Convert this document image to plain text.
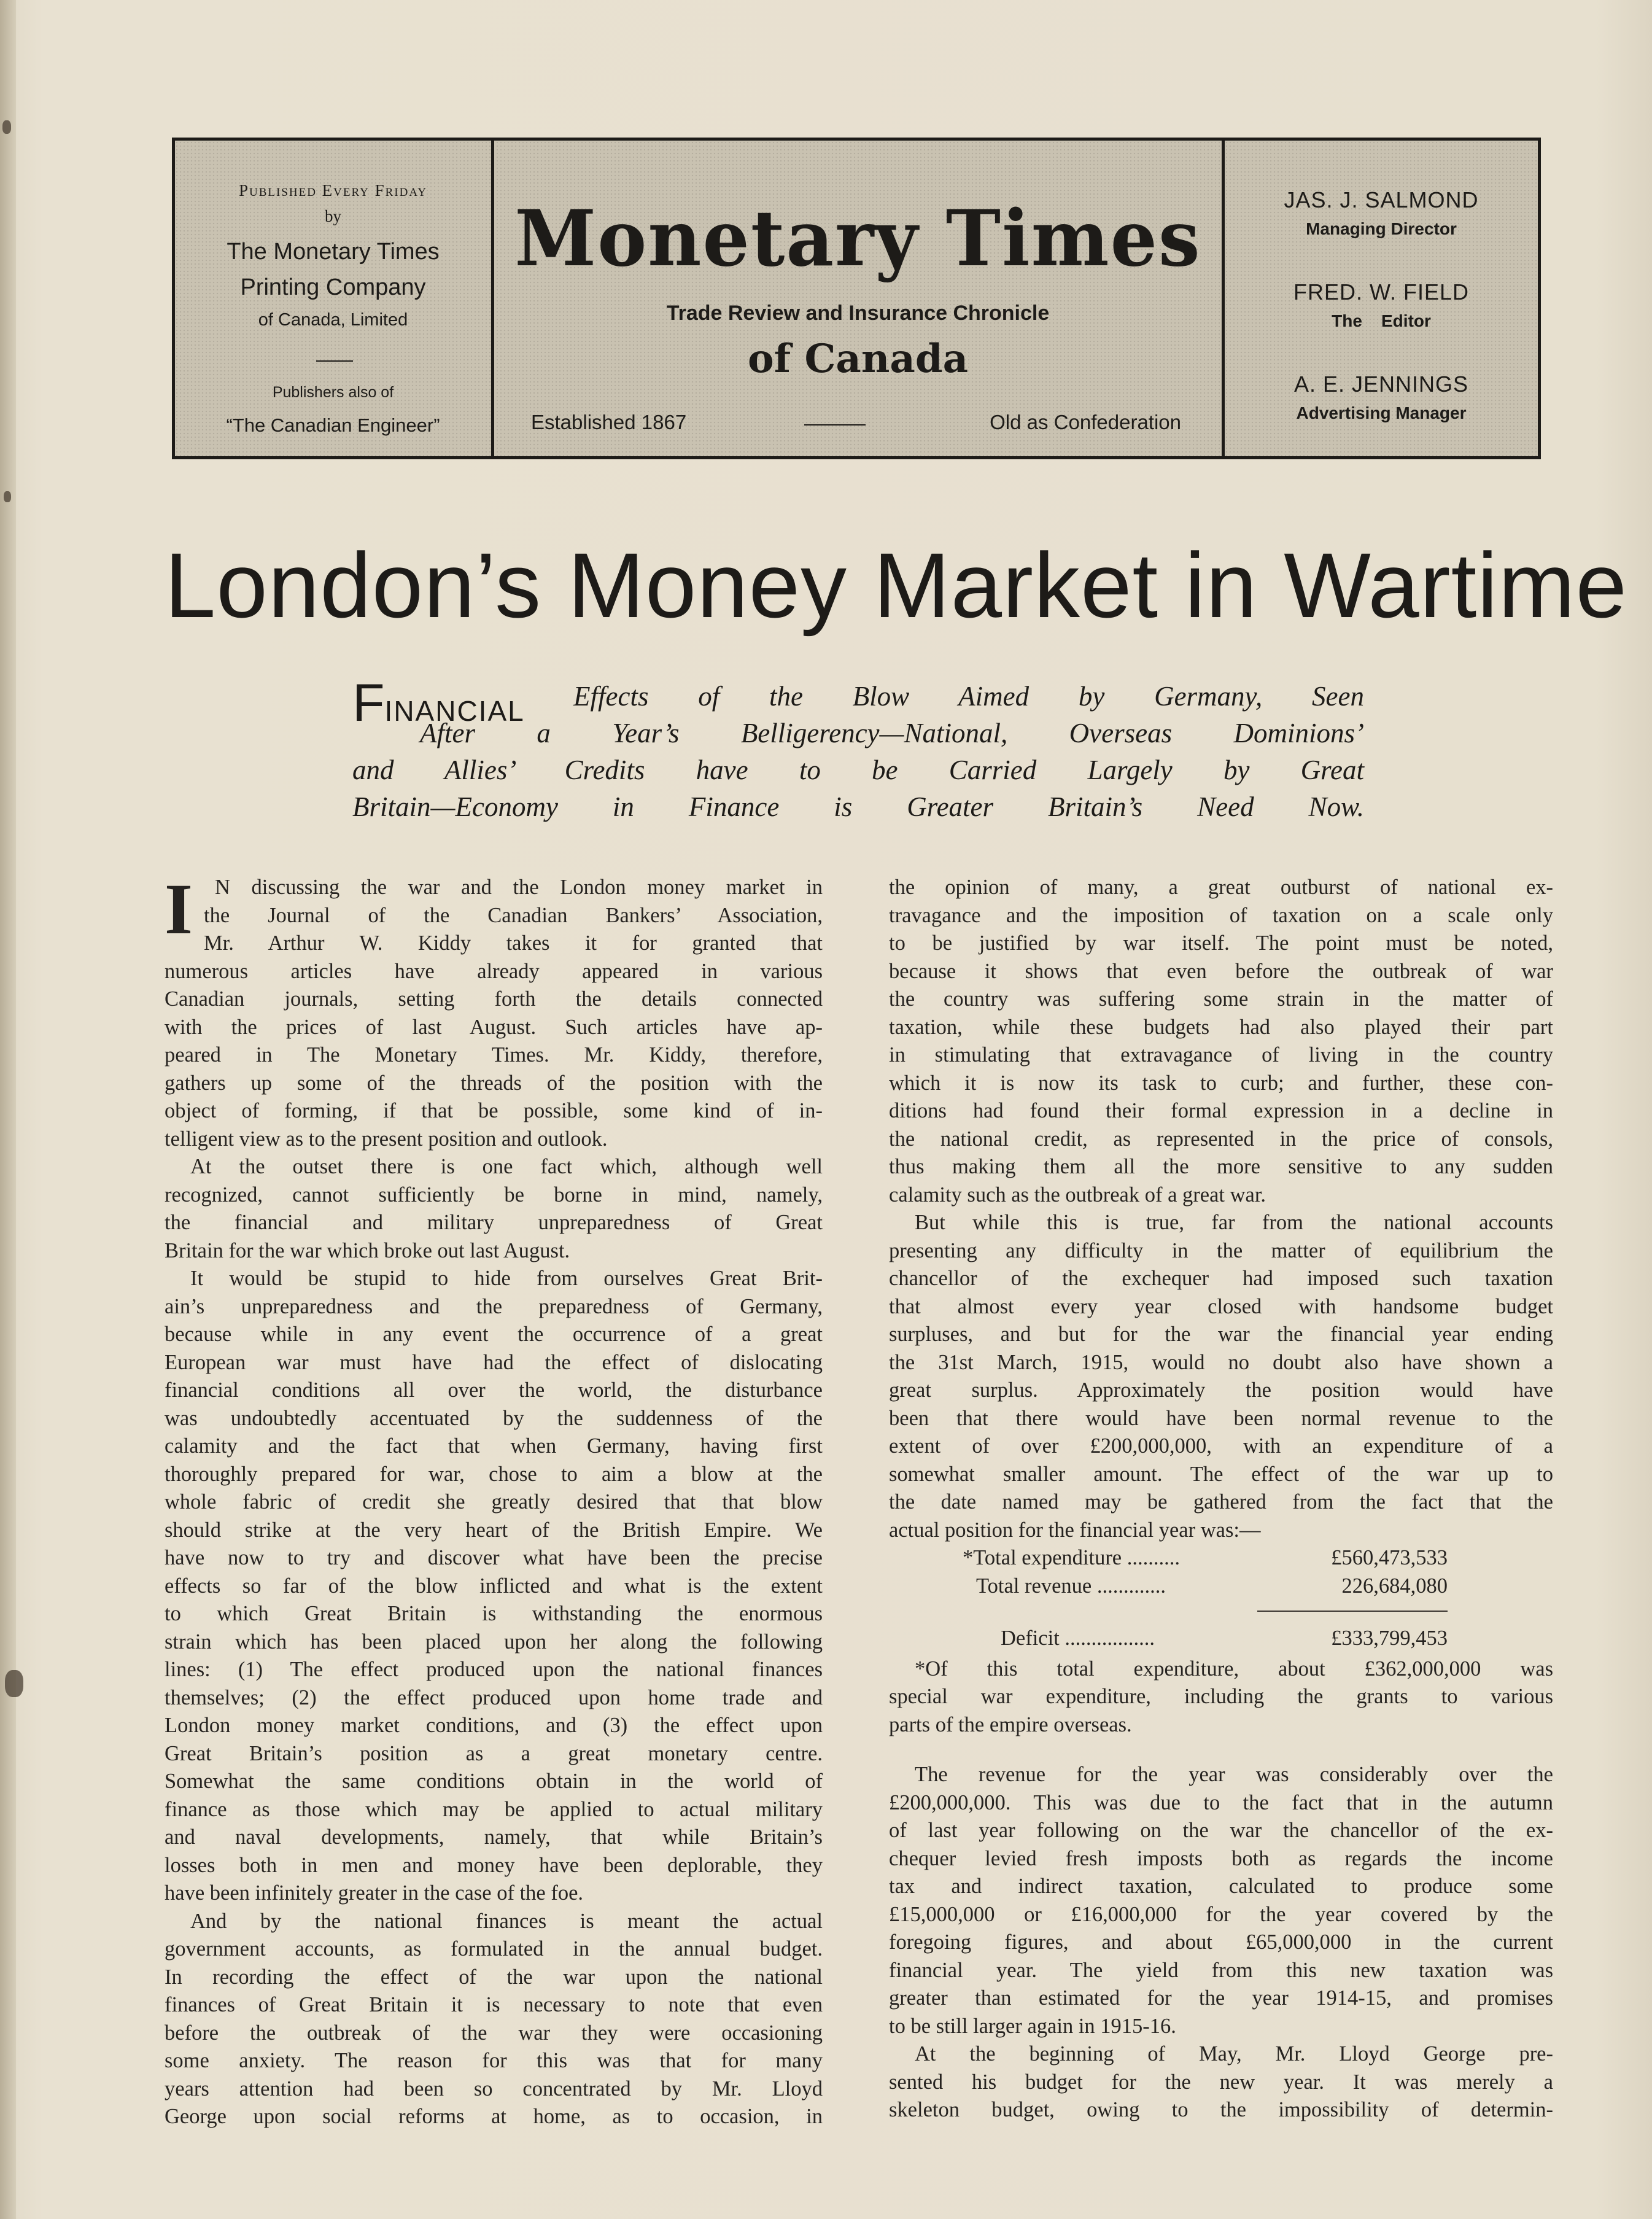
Published Every Friday
by
The Monetary Times
Printing Company
of Canada, Limited
Publishers also of
“The Canadian Engineer”
Monetary Times
Trade Review and Insurance Chronicle
of Canada
Established 1867	Old as Confederation
JAS. J. SALMOND
Managing Director
FRED. W. FIELD
The    Editor
A. E. JENNINGS
Advertising Manager
London’s Money Market in Wartime
Effects of the Blow Aimed by Germany, Seen
FINANCIAL
After a Year’s Belligerency—National, Overseas Dominions’
and Allies’ Credits have to be Carried Largely by Great
Britain—Economy in Finance is Greater Britain’s Need Now.
I N discussing the war and the London money market in
the Journal of the Canadian Bankers’ Association,
Mr. Arthur W. Kiddy takes it for granted that
numerous articles have already appeared in various
Canadian journals, setting forth the details connected
with the prices of last August. Such articles have ap-
peared in The Monetary Times. Mr. Kiddy, therefore,
gathers up some of the threads of the position with the
object of forming, if that be possible, some kind of in-
telligent view as to the present position and outlook.
At the outset there is one fact which, although well
recognized, cannot sufficiently be borne in mind, namely,
the financial and military unpreparedness of Great
Britain for the war which broke out last August.
It would be stupid to hide from ourselves Great Brit-
ain’s unpreparedness and the preparedness of Germany,
because while in any event the occurrence of a great
European war must have had the effect of dislocating
financial conditions all over the world, the disturbance
was undoubtedly accentuated by the suddenness of the
calamity and the fact that when Germany, having first
thoroughly prepared for war, chose to aim a blow at the
whole fabric of credit she greatly desired that that blow
should strike at the very heart of the British Empire. We
have now to try and discover what have been the precise
effects so far of the blow inflicted and what is the extent
to which Great Britain is withstanding the enormous
strain which has been placed upon her along the following
lines: (1) The effect produced upon the national finances
themselves; (2) the effect produced upon home trade and
London money market conditions, and (3) the effect upon
Great Britain’s position as a great monetary centre.
Somewhat the same conditions obtain in the world of
finance as those which may be applied to actual military
and naval developments, namely, that while Britain’s
losses both in men and money have been deplorable, they
have been infinitely greater in the case of the foe.
And by the national finances is meant the actual
government accounts, as formulated in the annual budget.
In recording the effect of the war upon the national
finances of Great Britain it is necessary to note that even
before the outbreak of the war they were occasioning
some anxiety. The reason for this was that for many
years attention had been so concentrated by Mr. Lloyd
George upon social reforms at home, as to occasion, in
the opinion of many, a great outburst of national ex-
travagance and the imposition of taxation on a scale only
to be justified by war itself. The point must be noted,
because it shows that even before the outbreak of war
the country was suffering some strain in the matter of
taxation, while these budgets had also played their part
in stimulating that extravagance of living in the country
which it is now its task to curb; and further, these con-
ditions had found their formal expression in a decline in
the national credit, as represented in the price of consols,
thus making them all the more sensitive to any sudden
calamity such as the outbreak of a great war.
But while this is true, far from the national accounts
presenting any difficulty in the matter of equilibrium the
chancellor of the exchequer had imposed such taxation
that almost every year closed with handsome budget
surpluses, and but for the war the financial year ending
the 31st March, 1915, would no doubt also have shown a
great surplus. Approximately the position would have
been that there would have been normal revenue to the
extent of over £200,000,000, with an expenditure of a
somewhat smaller amount. The effect of the war up to
the date named may be gathered from the fact that the
actual position for the financial year was:—
*Total expenditure ..........	£560,473,533
Total revenue .............	226,684,080
Deficit .................	£333,799,453
*Of this total expenditure, about £362,000,000 was
special war expenditure, including the grants to various
parts of the empire overseas.
The revenue for the year was considerably over the
£200,000,000. This was due to the fact that in the autumn
of last year following on the war the chancellor of the ex-
chequer levied fresh imposts both as regards the income
tax and indirect taxation, calculated to produce some
£15,000,000 or £16,000,000 for the year covered by the
foregoing figures, and about £65,000,000 in the current
financial year. The yield from this new taxation was
greater than estimated for the year 1914-15, and promises
to be still larger again in 1915-16.
At the beginning of May, Mr. Lloyd George pre-
sented his budget for the new year. It was merely a
skeleton budget, owing to the impossibility of determin-
